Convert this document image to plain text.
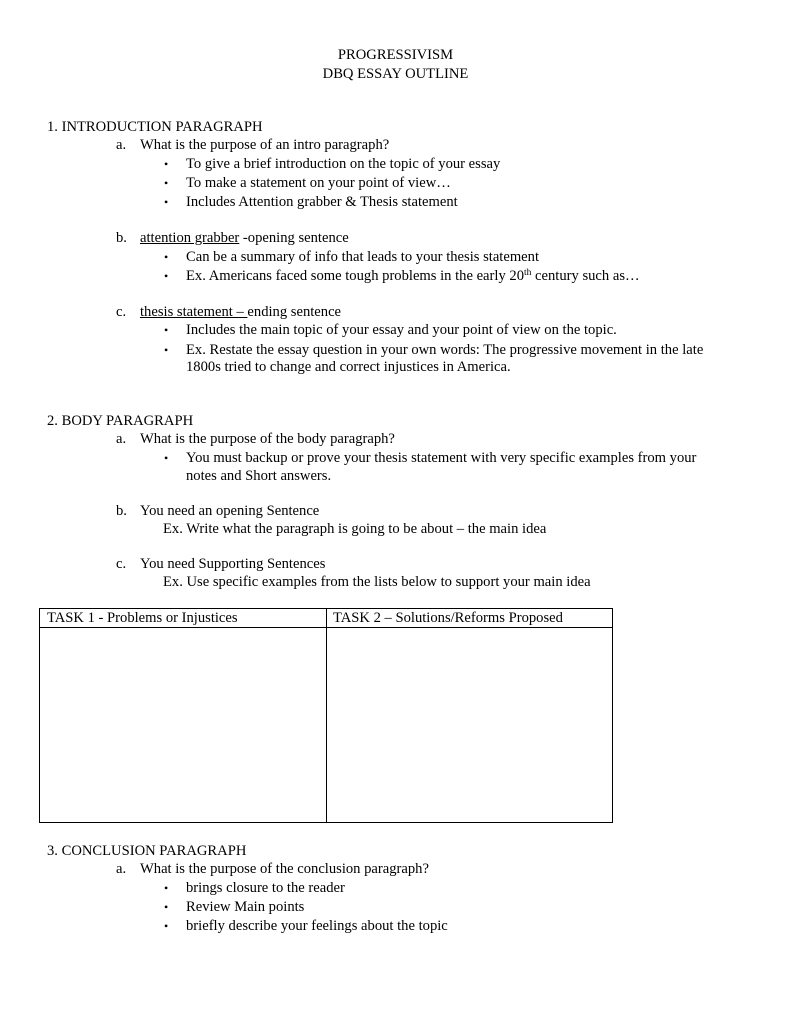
PROGRESSIVISM
DBQ ESSAY OUTLINE
1. INTRODUCTION PARAGRAPH
a. What is the purpose of an intro paragraph?
• To give a brief introduction on the topic of your essay
• To make a statement on your point of view…
• Includes Attention grabber & Thesis statement
b. attention grabber -opening sentence
• Can be a summary of info that leads to your thesis statement
• Ex. Americans faced some tough problems in the early 20th century such as…
c. thesis statement – ending sentence
• Includes the main topic of your essay and your point of view on the topic.
• Ex. Restate the essay question in your own words: The progressive movement in the late
1800s tried to change and correct injustices in America.
2. BODY PARAGRAPH
a. What is the purpose of the body paragraph?
• You must backup or prove your thesis statement with very specific examples from your
notes and Short answers.
b. You need an opening Sentence
Ex. Write what the paragraph is going to be about – the main idea
c. You need Supporting Sentences
Ex. Use specific examples from the lists below to support your main idea
TASK 1 - Problems or Injustices	TASK 2 – Solutions/Reforms Proposed
3. CONCLUSION PARAGRAPH
a. What is the purpose of the conclusion paragraph?
• brings closure to the reader
• Review Main points
• briefly describe your feelings about the topic
